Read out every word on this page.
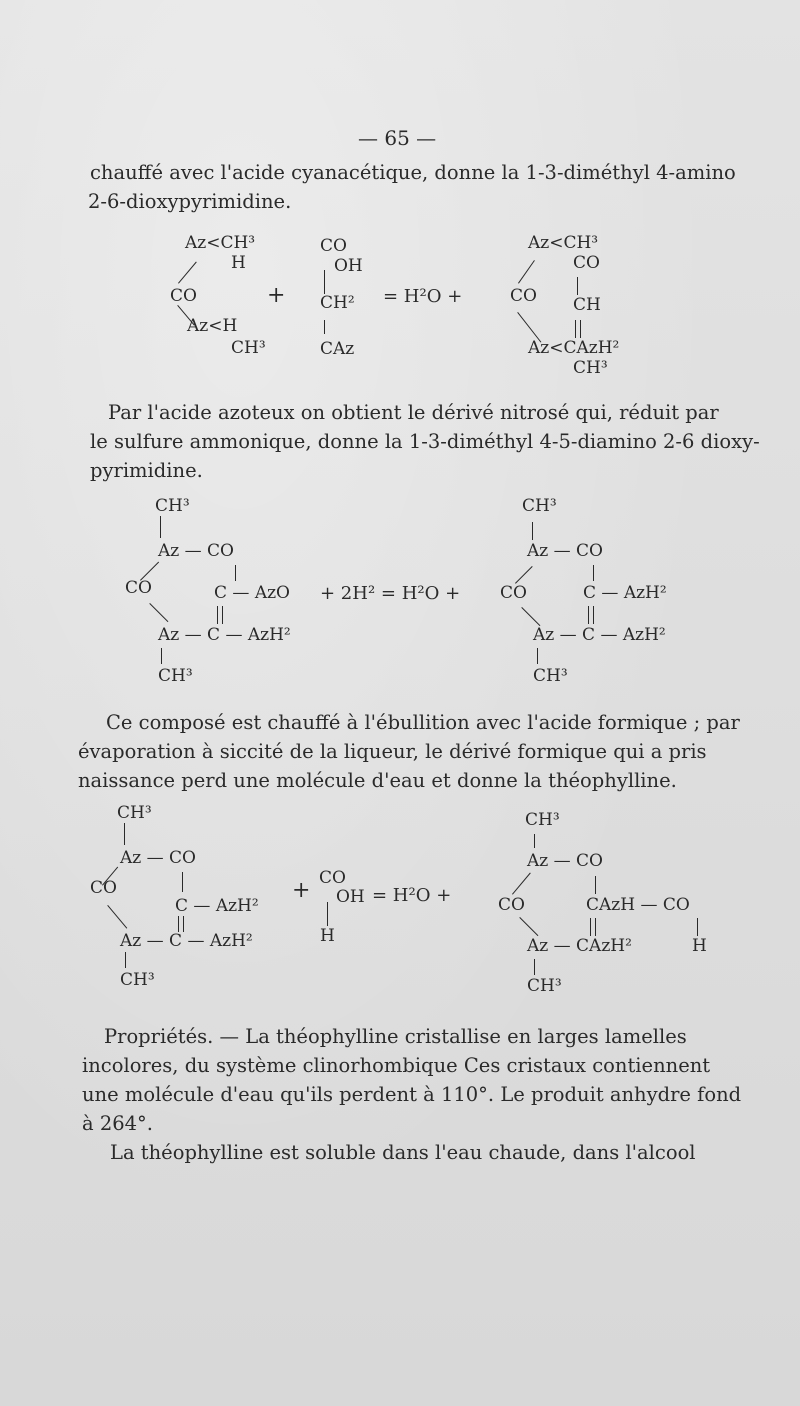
— 65 —
chauffé avec l'acide cyanacétique, donne la 1-3-diméthyl 4-amino
2-6-dioxypyrimidine.
Az<CH³
H
CO
Az<H
CH³
+
CO
OH
CH²
CAz
= H²O +
Az<CH³
CO
CO CH
Az<CAzH²
CH³
Par l'acide azoteux on obtient le dérivé nitrosé qui, réduit par
le sulfure ammonique, donne la 1-3-diméthyl 4-5-diamino 2-6 dioxy-
pyrimidine.
CH³
Az — CO
CO	C — AzO
Az — C — AzH²
CH³
+ 2H² = H²O +
CH³
Az — CO
CO	C — AzH²
Az — C — AzH²
CH³
Ce composé est chauffé à l'ébullition avec l'acide formique ; par
évaporation à siccité de la liqueur, le dérivé formique qui a pris
naissance perd une molécule d'eau et donne la théophylline.
CH³
Az — CO
CO
C — AzH²
Az — C — AzH²
CH³
+ CO
OH
H
= H²O +
CH³
Az — CO
CO	CAzH — CO
Az — CAzH²	H
CH³
Propriétés. — La théophylline cristallise en larges lamelles
incolores, du système clinorhombique Ces cristaux contiennent
une molécule d'eau qu'ils perdent à 110°. Le produit anhydre fond
à 264°.
La théophylline est soluble dans l'eau chaude, dans l'alcool
